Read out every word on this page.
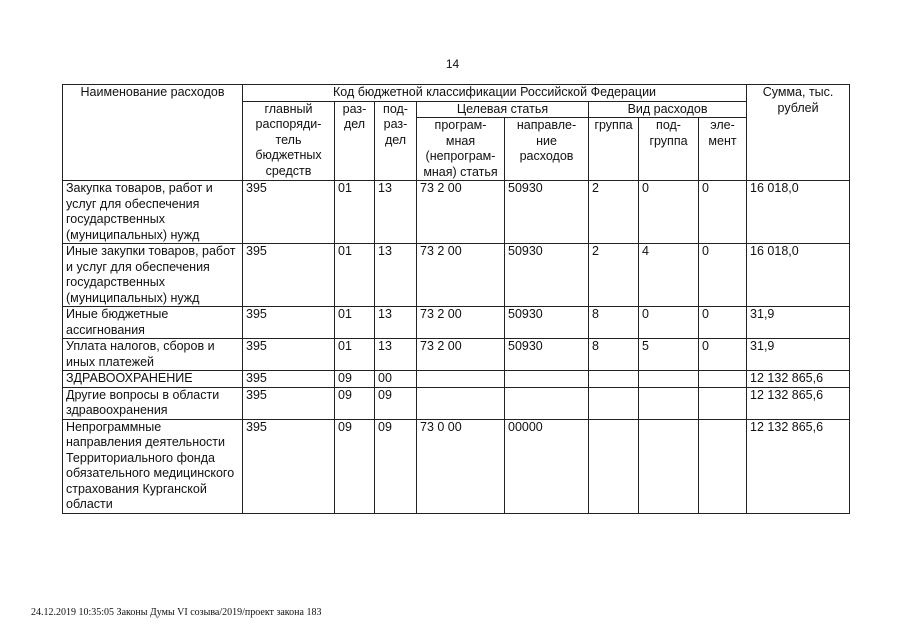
14
Наименование расходов	Код бюджетной классификации Российской Федерации								Сумма, тыс. рублей
	главный распоряди-тель бюджетных средств	раз-дел	под-раз-дел	Целевая статья		Вид расходов			
				програм-мная (непрограм-мная) статья	направле-ние расходов	группа	под-группа	эле-мент	
Закупка товаров, работ и услуг для обеспечения государственных (муниципальных) нужд	395	01	13	73 2 00	50930	2	0	0	16 018,0
Иные закупки товаров, работ и услуг для обеспечения государственных (муниципальных) нужд	395	01	13	73 2 00	50930	2	4	0	16 018,0
Иные бюджетные ассигнования	395	01	13	73 2 00	50930	8	0	0	31,9
Уплата налогов, сборов и иных платежей	395	01	13	73 2 00	50930	8	5	0	31,9
ЗДРАВООХРАНЕНИЕ	395	09	00						12 132 865,6
Другие вопросы в области здравоохранения	395	09	09						12 132 865,6
Непрограммные направления деятельности Территориального фонда обязательного медицинского страхования Курганской области	395	09	09	73 0 00	00000				12 132 865,6
24.12.2019 10:35:05 Законы Думы VI созыва/2019/проект закона 183
